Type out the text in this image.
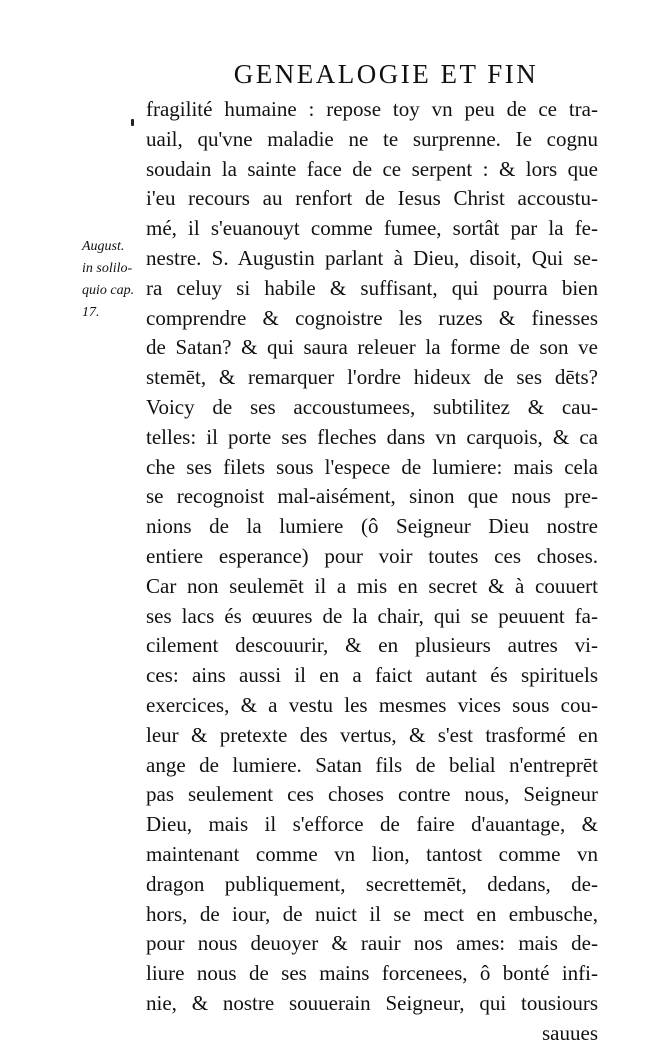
GENEALOGIE ET FIN
August.
in solilo-
quio cap.
17.
fragilité humaine : repose toy vn peu de ce tra-
uail, qu'vne maladie ne te surprenne. Ie cognu
soudain la sainte face de ce serpent : & lors que
i'eu recours au renfort de Iesus Christ accoustu-
mé, il s'euanouyt comme fumee, sortât par la fe-
nestre. S. Augustin parlant à Dieu, disoit, Qui se-
ra celuy si habile & suffisant, qui pourra bien
comprendre & cognoistre les ruzes & finesses
de Satan? & qui saura releuer la forme de son ve
stemēt, & remarquer l'ordre hideux de ses dēts?
Voicy de ses accoustumees, subtilitez & cau-
telles: il porte ses fleches dans vn carquois, & ca
che ses filets sous l'espece de lumiere: mais cela
se recognoist mal-aisément, sinon que nous pre-
nions de la lumiere (ô Seigneur Dieu nostre
entiere esperance) pour voir toutes ces choses.
Car non seulemēt il a mis en secret & à couuert
ses lacs és œuures de la chair, qui se peuuent fa-
cilement descouurir, & en plusieurs autres vi-
ces: ains aussi il en a faict autant és spirituels
exercices, & a vestu les mesmes vices sous cou-
leur & pretexte des vertus, & s'est trasformé en
ange de lumiere. Satan fils de belial n'entreprēt
pas seulement ces choses contre nous, Seigneur
Dieu, mais il s'efforce de faire d'auantage, &
maintenant comme vn lion, tantost comme vn
dragon publiquement, secrettemēt, dedans, de-
hors, de iour, de nuict il se mect en embusche,
pour nous deuoyer & rauir nos ames: mais de-
liure nous de ses mains forcenees, ô bonté infi-
nie, & nostre souuerain Seigneur, qui tousiours
sauues
